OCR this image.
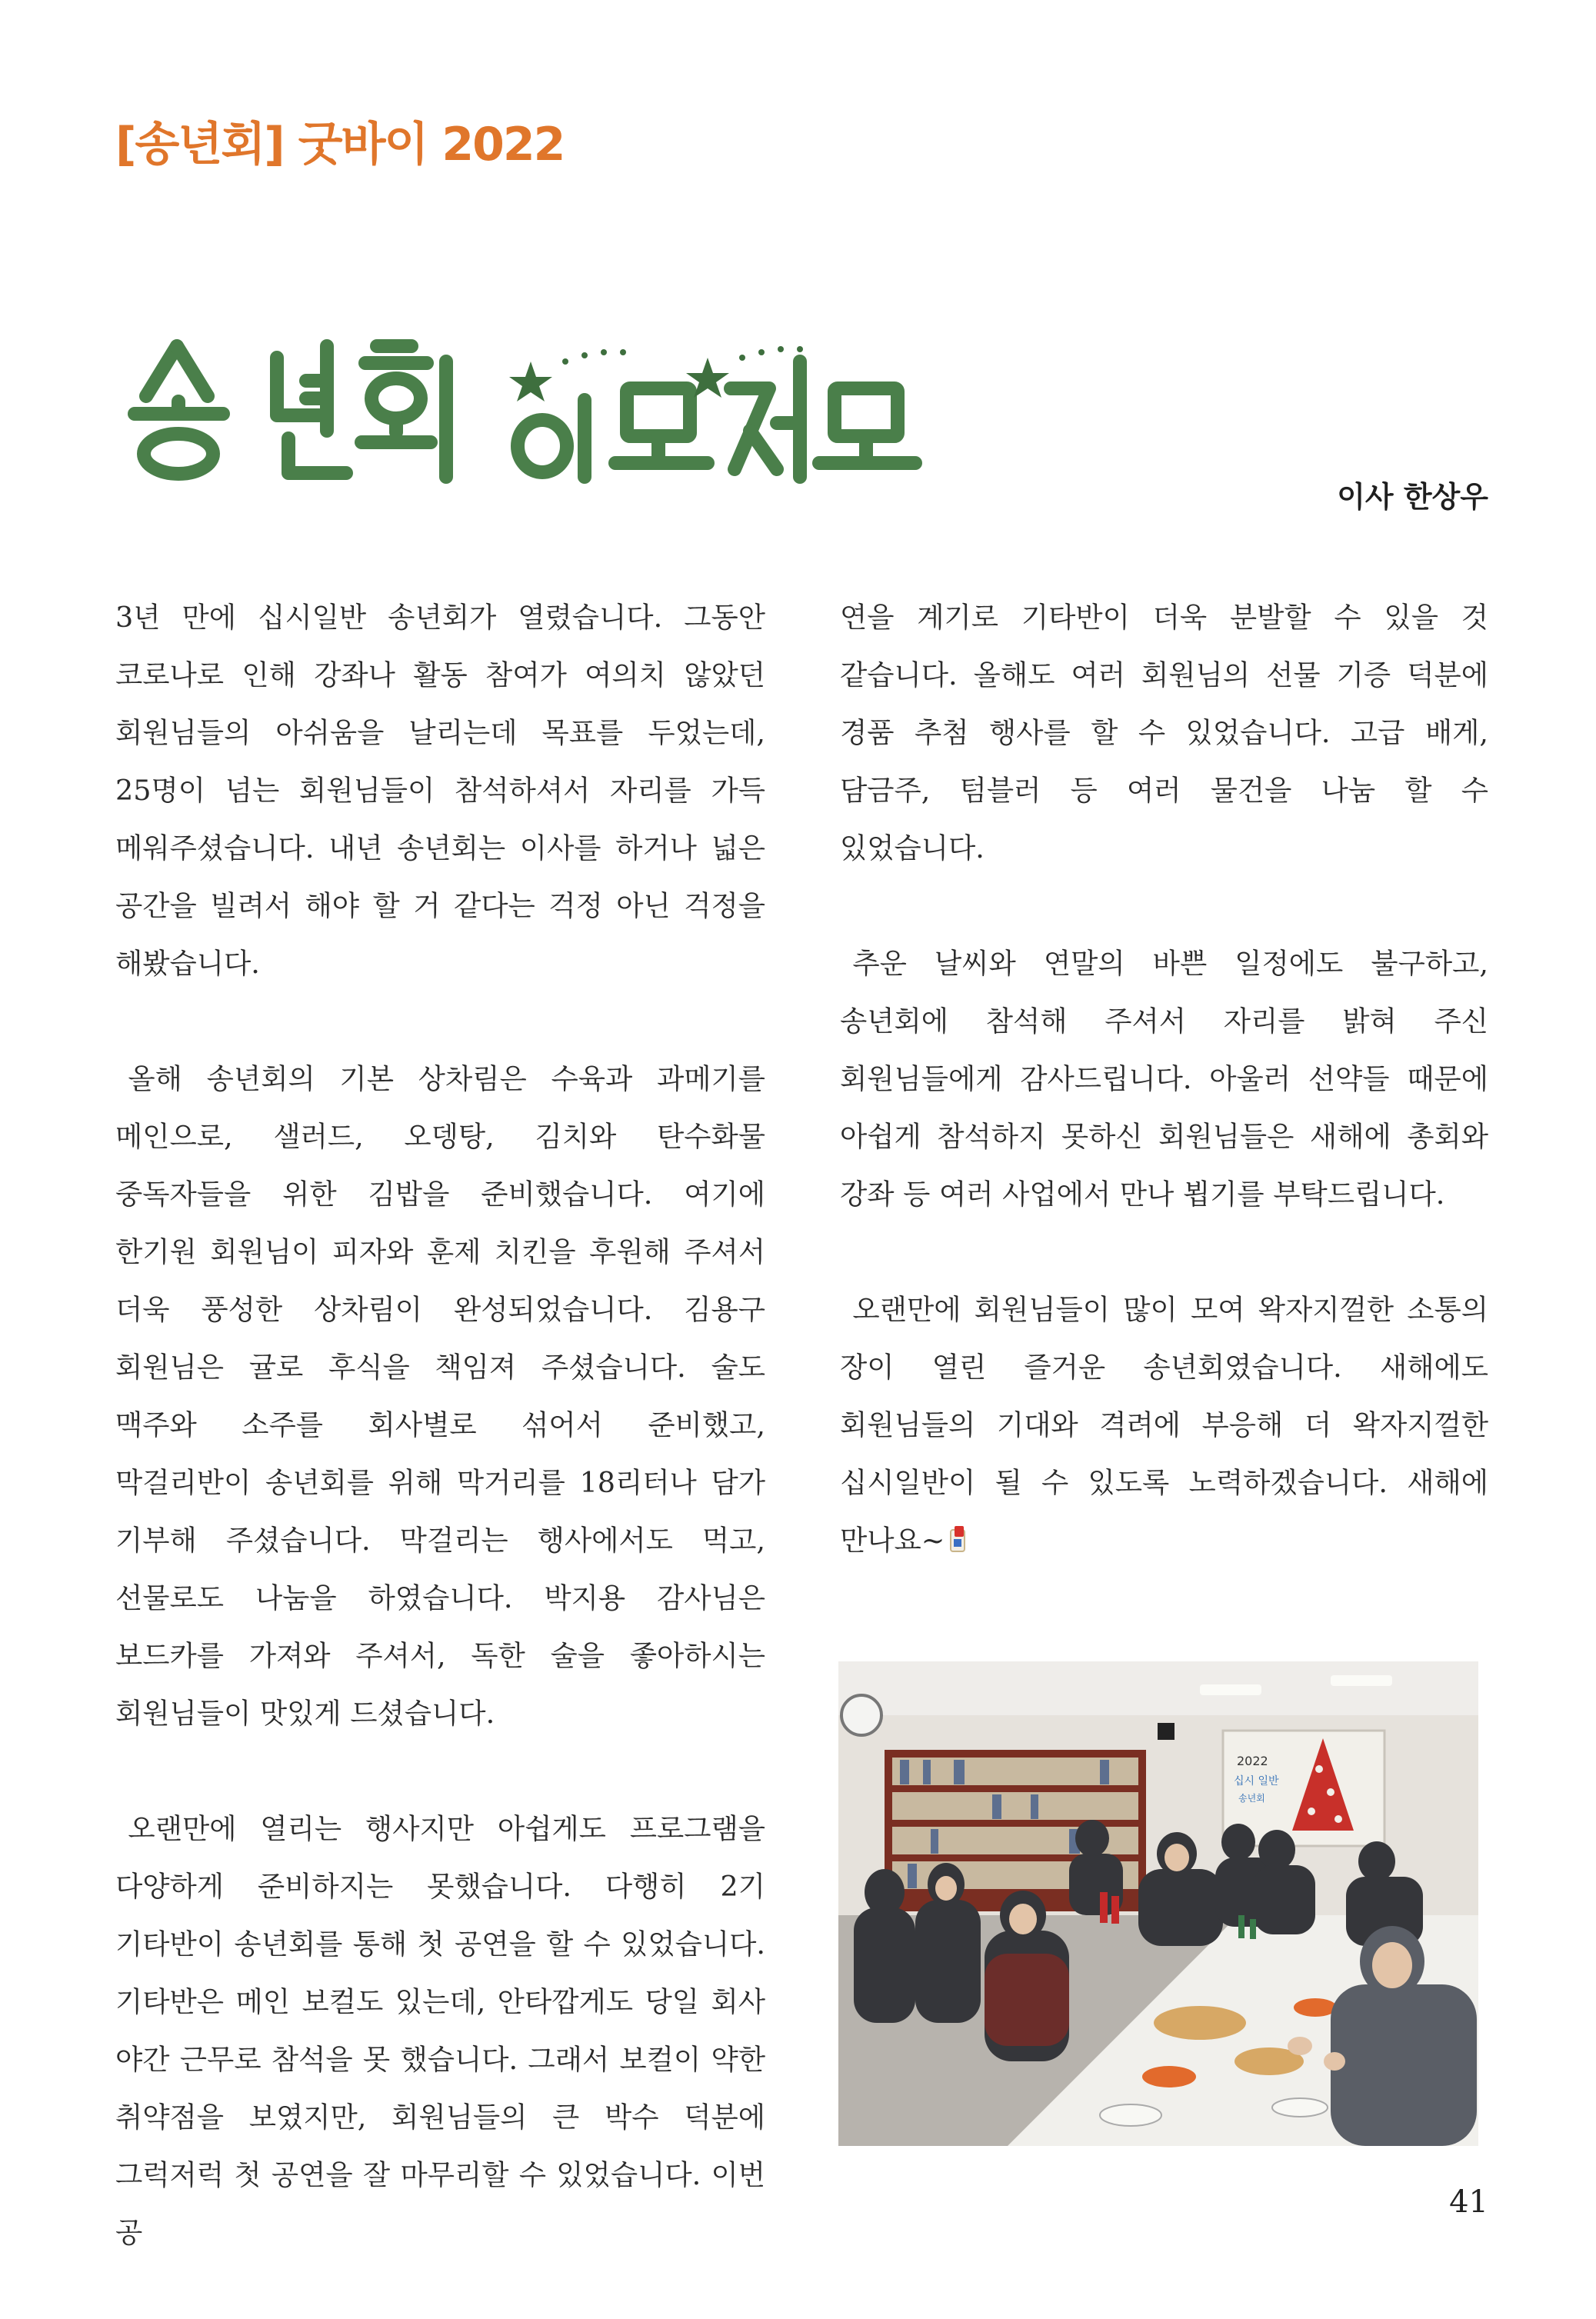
[송년회] 굿바이 2022
이사 한상우

3년 만에 십시일반 송년회가 열렸습니다. 그동안 코로나로 인해 강좌나 활동 참여가 여의치 않았던 회원님들의 아쉬움을 날리는데 목표를 두었는데, 25명이 넘는 회원님들이 참석하셔서 자리를 가득 메워주셨습니다. 내년 송년회는 이사를 하거나 넓은 공간을 빌려서 해야 할 거 같다는 걱정 아닌 걱정을 해봤습니다.

올해 송년회의 기본 상차림은 수육과 과메기를 메인으로, 샐러드, 오뎅탕, 김치와 탄수화물 중독자들을 위한 김밥을 준비했습니다. 여기에 한기원 회원님이 피자와 훈제 치킨을 후원해 주셔서 더욱 풍성한 상차림이 완성되었습니다. 김용구 회원님은 귤로 후식을 책임져 주셨습니다. 술도 맥주와 소주를 회사별로 섞어서 준비했고, 막걸리반이 송년회를 위해 막거리를 18리터나 담가 기부해 주셨습니다. 막걸리는 행사에서도 먹고, 선물로도 나눔을 하였습니다. 박지용 감사님은 보드카를 가져와 주셔서, 독한 술을 좋아하시는 회원님들이 맛있게 드셨습니다.

오랜만에 열리는 행사지만 아쉽게도 프로그램을 다양하게 준비하지는 못했습니다. 다행히 2기 기타반이 송년회를 통해 첫 공연을 할 수 있었습니다. 기타반은 메인 보컬도 있는데, 안타깝게도 당일 회사 야간 근무로 참석을 못 했습니다. 그래서 보컬이 약한 취약점을 보였지만, 회원님들의 큰 박수 덕분에 그럭저럭 첫 공연을 잘 마무리할 수 있었습니다. 이번 공

연을 계기로 기타반이 더욱 분발할 수 있을 것 같습니다. 올해도 여러 회원님의 선물 기증 덕분에 경품 추첨 행사를 할 수 있었습니다. 고급 배게, 담금주, 텀블러 등 여러 물건을 나눔 할 수 있었습니다.

추운 날씨와 연말의 바쁜 일정에도 불구하고, 송년회에 참석해 주셔서 자리를 밝혀 주신 회원님들에게 감사드립니다. 아울러 선약들 때문에 아쉽게 참석하지 못하신 회원님들은 새해에 총회와 강좌 등 여러 사업에서 만나 뵙기를 부탁드립니다.

오랜만에 회원님들이 많이 모여 왁자지껄한 소통의 장이 열린 즐거운 송년회였습니다. 새해에도 회원님들의 기대와 격려에 부응해 더 왁자지껄한 십시일반이 될 수 있도록 노력하겠습니다. 새해에 만나요~

2022
십시 일반
송년회
41
